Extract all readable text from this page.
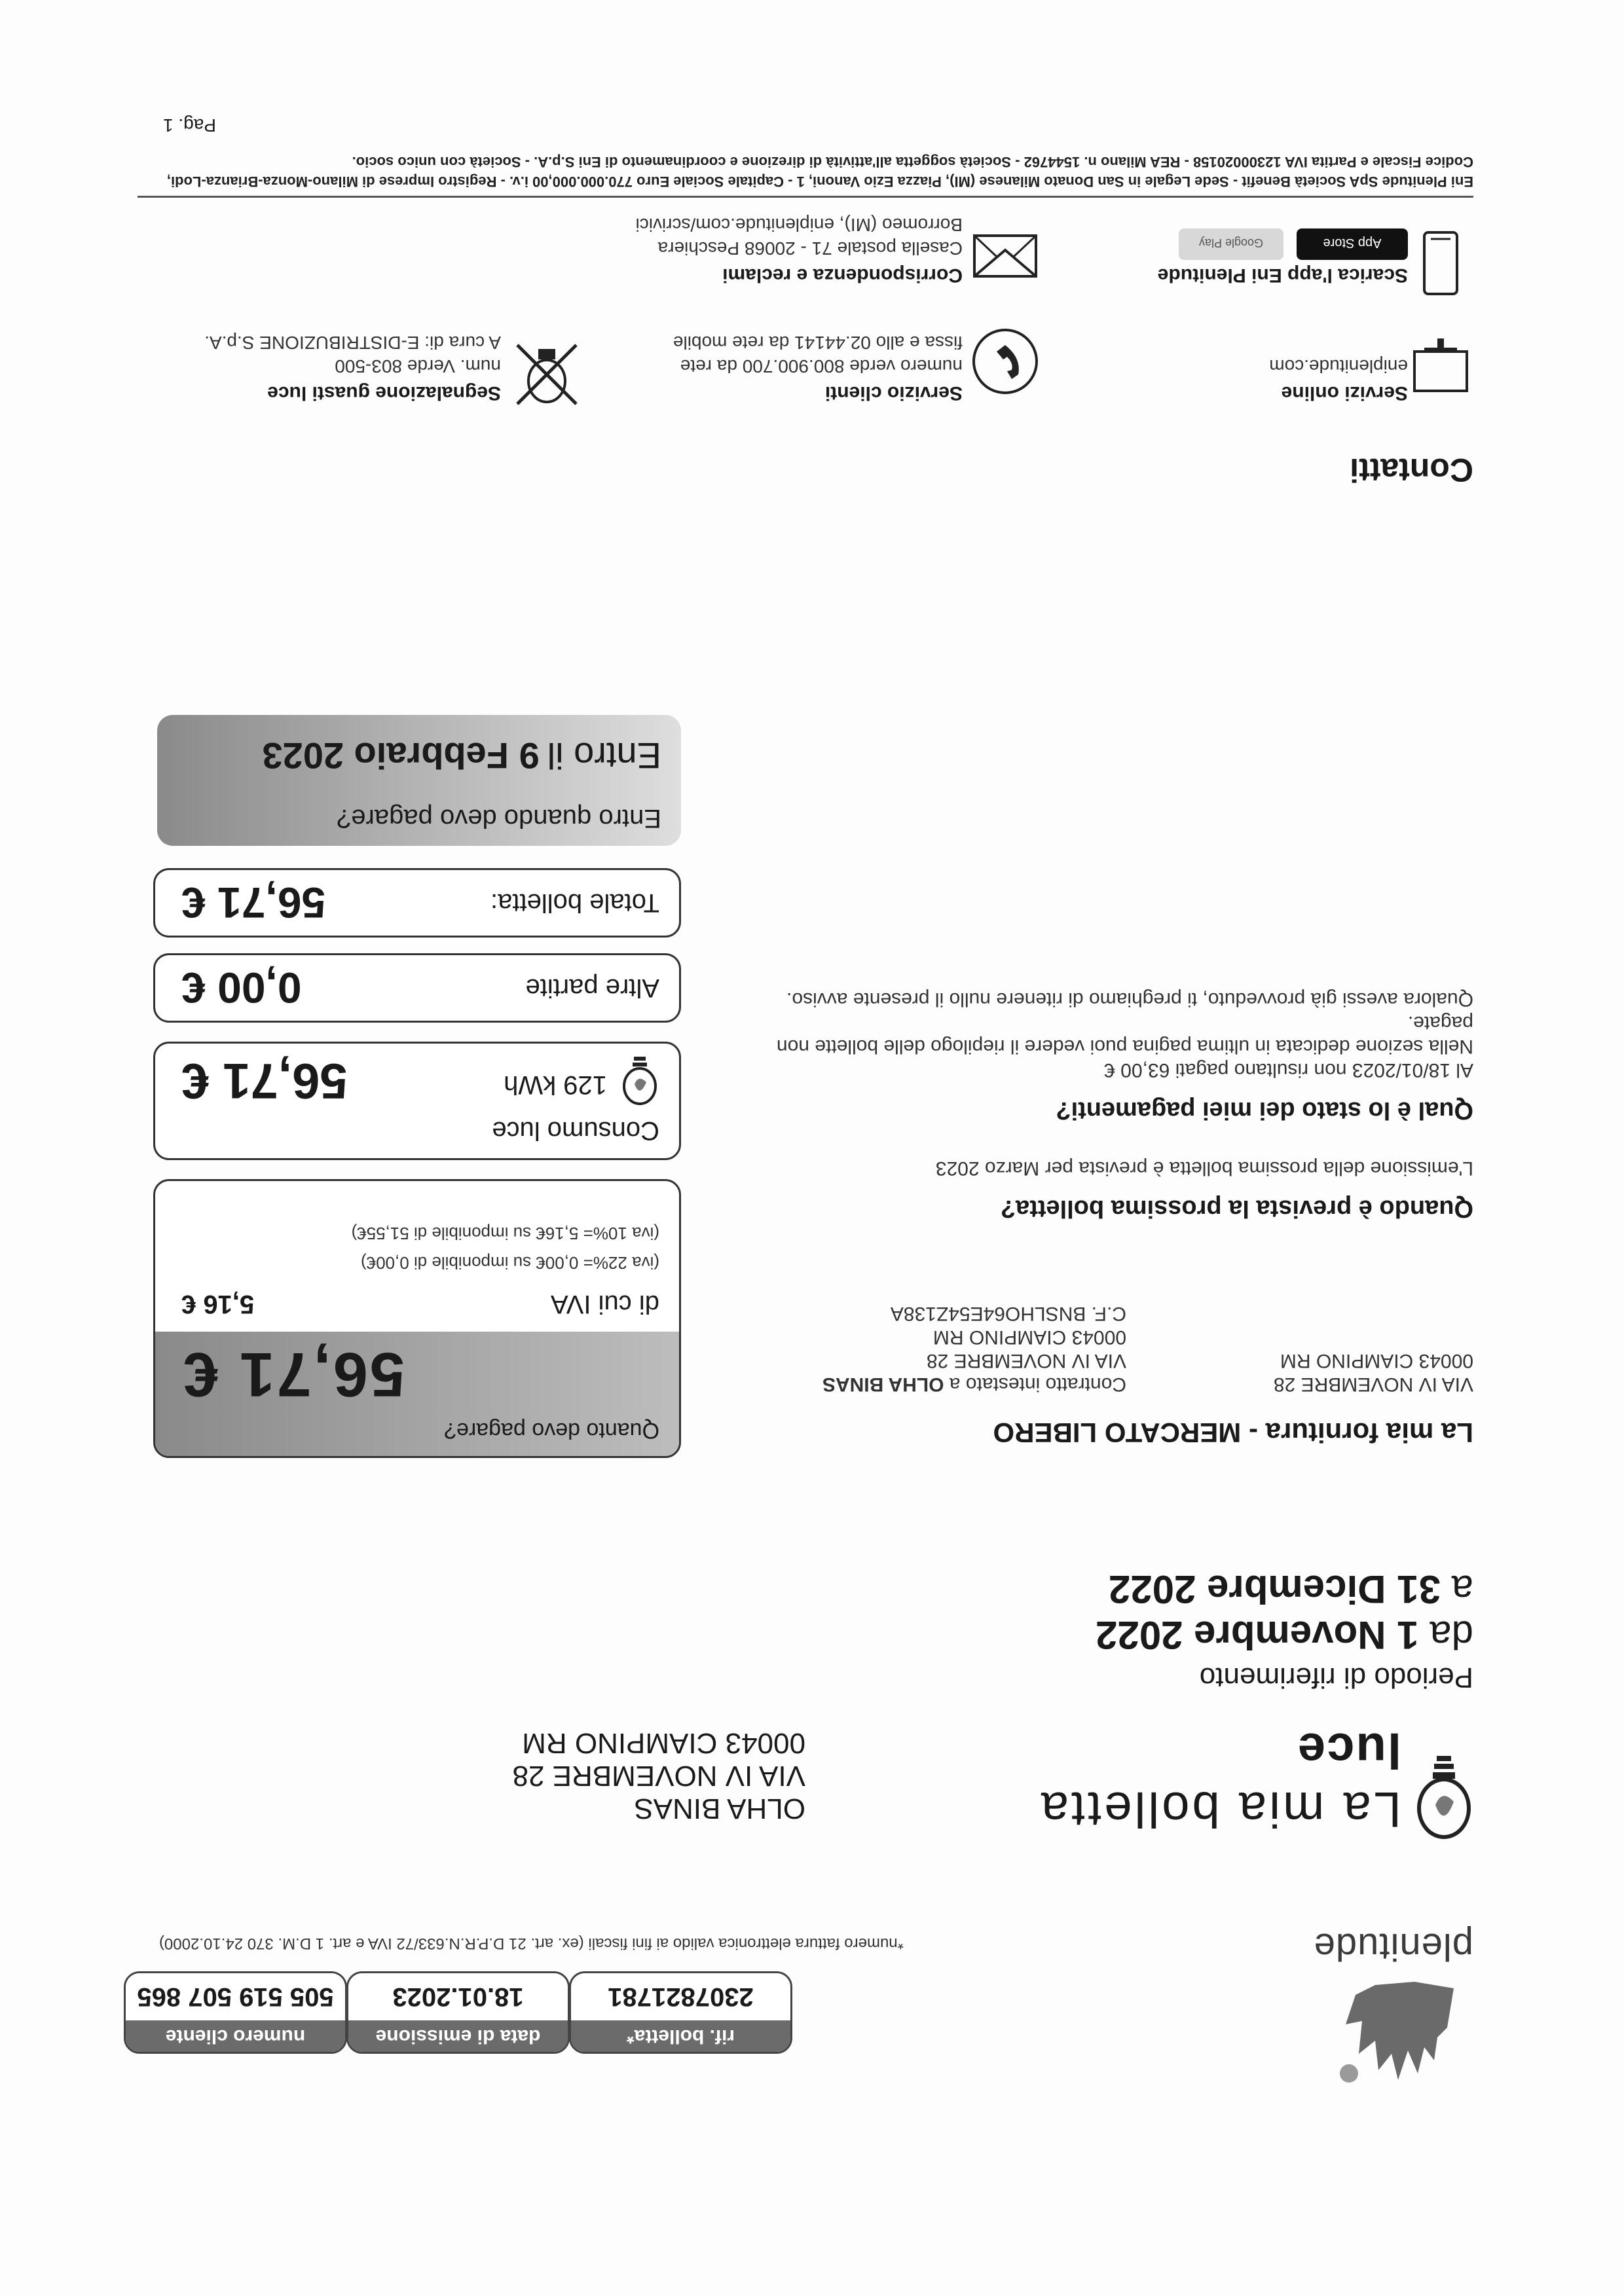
plenitude
rif. bolletta*
2307821781
data di emissione
18.01.2023
numero cliente
505 519 507 865
*numero fattura elettronica valido ai fini fiscali (ex. art. 21 D.P.R.N.633/72 IVA e art. 1 D.M. 370 24.10.2000)
La mia bolletta
luce
OLHA BINAS
VIA IV NOVEMBRE 28
00043 CIAMPINO RM
Periodo di riferimento
da 1 Novembre 2022
a 31 Dicembre 2022
La mia fornitura - MERCATO LIBERO
VIA IV NOVEMBRE 28
00043 CIAMPINO RM
Contratto intestato a OLHA BINAS
VIA IV NOVEMBRE 28
00043 CIAMPINO RM
C.F. BNSLHO64E54Z138A
Quando è prevista la prossima bolletta?
L'emissione della prossima bolletta è prevista per Marzo 2023
Qual è lo stato dei miei pagamenti?
Al 18/01/2023 non risultano pagati 63,00 €
Nella sezione dedicata in ultima pagina puoi vedere il riepilogo delle bollette non pagate.
Qualora avessi già provveduto, ti preghiamo di ritenere nullo il presente avviso.
Quanto devo pagare?
56,71 €
di cui IVA
5,16 €
(iva 22%= 0,00€ su imponibile di 0,00€)
(iva 10%= 5,16€ su imponibile di 51,55€)
Consumo luce
129 kWh
56,71 €
Altre partite
0,00 €
Totale bolletta:
56,71 €
Entro quando devo pagare?
Entro il9 Febbraio 2023
Contatti
Servizi online
eniplenitude.com
Servizio clienti
numero verde 800.900.700 da rete
fissa e allo 02.44141 da rete mobile
Segnalazione guasti luce
num. Verde 803-500
A cura di: E-DISTRIBUZIONE S.p.A.
Scarica l'app Eni Plenitude
App Store
Google Play
Corrispondenza e reclami
Casella postale 71 - 20068 Peschiera
Borromeo (MI), eniplenitude.com/scrivici
Eni Plenitude SpA Società Benefit - Sede Legale in San Donato Milanese (MI), Piazza Ezio Vanoni, 1 - Capitale Sociale Euro 770.000.000,00 i.v. - Registro Imprese di Milano-Monza-Brianza-Lodi, Codice Fiscale e Partita IVA 12300020158 - REA Milano n. 1544762 - Società soggetta all'attività di direzione e coordinamento di Eni S.p.A. - Società con unico socio.
Pag. 1
